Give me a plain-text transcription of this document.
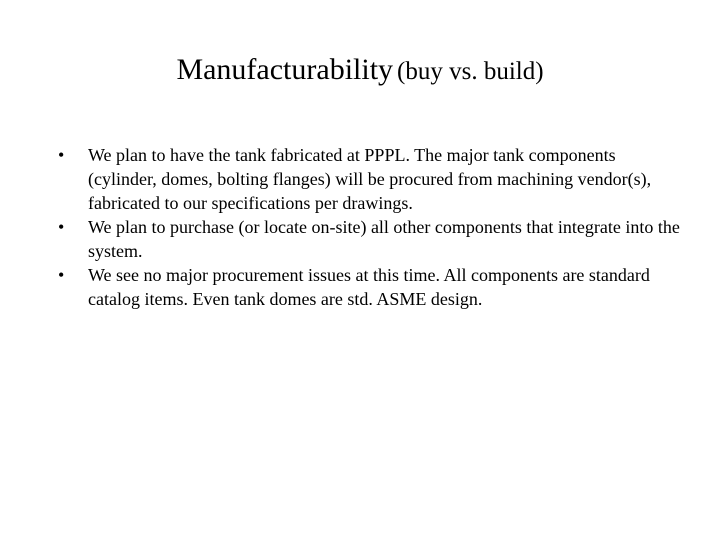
Manufacturability (buy vs. build)
•	We plan to have the tank fabricated at PPPL. The major tank components (cylinder, domes, bolting flanges) will be procured from machining vendor(s), fabricated to our specifications per drawings.
•	We plan to purchase (or locate on-site) all other components that integrate into the system.
•	We see no major procurement issues at this time. All components are standard catalog items. Even tank domes are std. ASME design.
